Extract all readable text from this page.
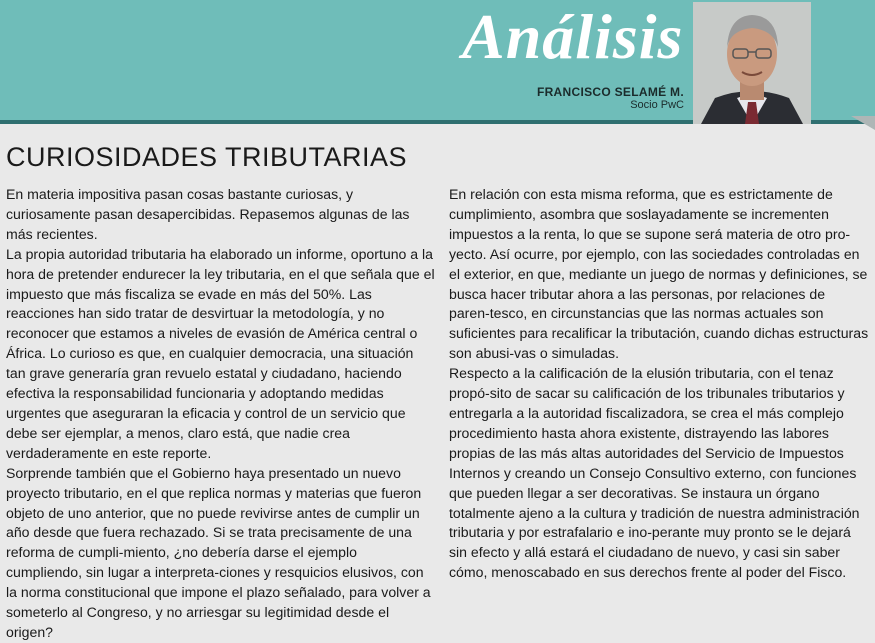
Análisis
FRANCISCO SELAMÉ M.
Socio PwC
CURIOSIDADES TRIBUTARIAS

En materia impositiva pasan cosas bastante curiosas, y curiosamente pasan desapercibidas. Repasemos algunas de las más recientes.

La propia autoridad tributaria ha elaborado un informe, oportuno a la hora de pretender endurecer la ley tributaria, en el que señala que el impuesto que más fiscaliza se evade en más del 50%. Las reacciones han sido tratar de desvirtuar la metodología, y no reconocer que estamos a niveles de evasión de América central o África. Lo curioso es que, en cualquier democracia, una situación tan grave generaría gran revuelo estatal y ciudadano, haciendo efectiva la responsabilidad funcionaria y adoptando medidas urgentes que aseguraran la eficacia y control de un servicio que debe ser ejemplar, a menos, claro está, que nadie crea verdaderamente en este reporte.

Sorprende también que el Gobierno haya presentado un nuevo proyecto tributario, en el que replica normas y materias que fueron objeto de uno anterior, que no puede revivirse antes de cumplir un año desde que fuera rechazado. Si se trata precisamente de una reforma de cumpli-miento, ¿no debería darse el ejemplo cumpliendo, sin lugar a interpreta-ciones y resquicios elusivos, con la norma constitucional que impone el plazo señalado, para volver a someterlo al Congreso, y no arriesgar su legitimidad desde el origen?

En relación con esta misma reforma, que es estrictamente de cumplimiento, asombra que soslayadamente se incrementen impuestos a la renta, lo que se supone será materia de otro pro-yecto. Así ocurre, por ejemplo, con las sociedades controladas en el exterior, en que, mediante un juego de normas y definiciones, se busca hacer tributar ahora a las personas, por relaciones de paren-tesco, en circunstancias que las normas actuales son suficientes para recalificar la tributación, cuando dichas estructuras son abusi-vas o simuladas.

Respecto a la calificación de la elusión tributaria, con el tenaz propó-sito de sacar su calificación de los tribunales tributarios y entregarla a la autoridad fiscalizadora, se crea el más complejo procedimiento hasta ahora existente, distrayendo las labores propias de las más altas autoridades del Servicio de Impuestos Internos y creando un Consejo Consultivo externo, con funciones que pueden llegar a ser decorativas. Se instaura un órgano totalmente ajeno a la cultura y tradición de nuestra administración tributaria y por estrafalario e ino-perante muy pronto se le dejará sin efecto y allá estará el ciudadano de nuevo, y casi sin saber cómo, menoscabado en sus derechos frente al poder del Fisco.
